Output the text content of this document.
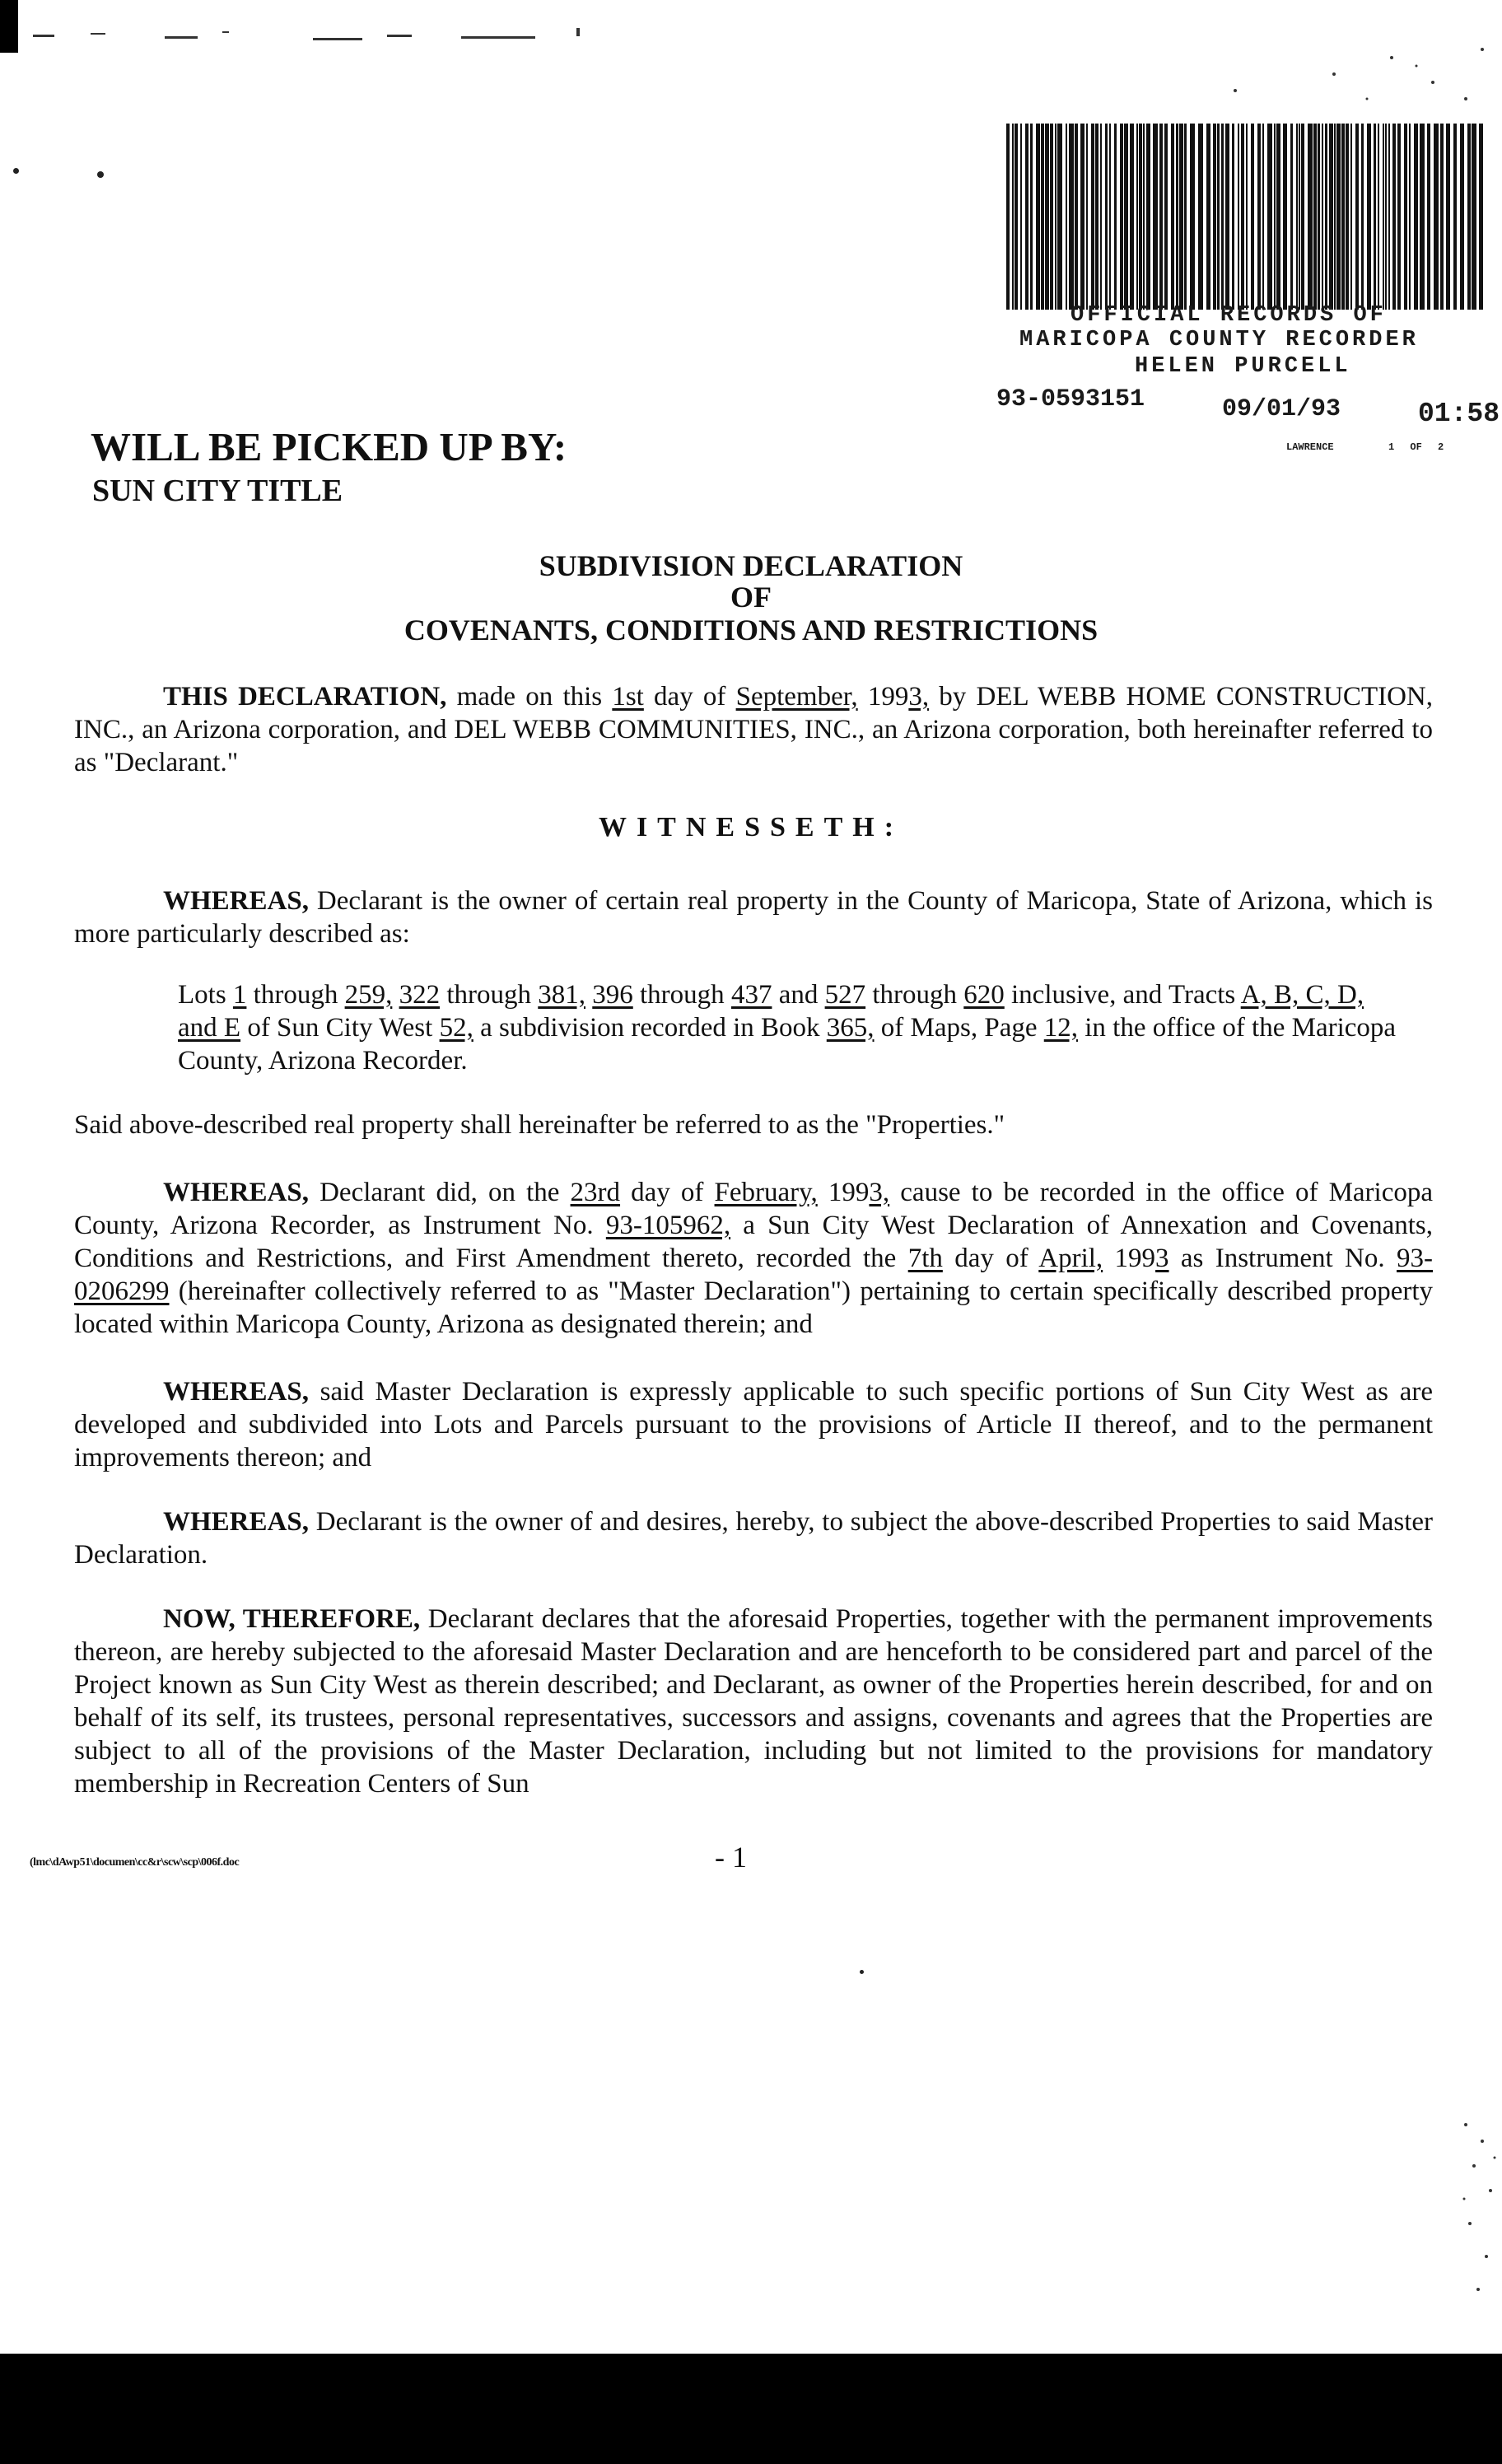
OFFICIAL RECORDS OF
MARICOPA COUNTY RECORDER
HELEN PURCELL
93-0593151	09/01/93	01:58
LAWRENCE	1 OF 2
WILL BE PICKED UP BY:
SUN CITY TITLE
SUBDIVISION DECLARATION
OF
COVENANTS, CONDITIONS AND RESTRICTIONS
THIS DECLARATION, made on this 1st day of September, 1993, by DEL WEBB HOME CONSTRUCTION, INC., an Arizona corporation, and DEL WEBB COMMUNITIES, INC., an Arizona corporation, both hereinafter referred to as "Declarant."
WITNESSETH:
WHEREAS, Declarant is the owner of certain real property in the County of Maricopa, State of Arizona, which is more particularly described as:
Lots 1 through 259, 322 through 381, 396 through 437 and 527 through 620 inclusive, and Tracts A, B, C, D, and E of Sun City West 52, a subdivision recorded in Book 365, of Maps, Page 12, in the office of the Maricopa County, Arizona Recorder.
Said above-described real property shall hereinafter be referred to as the "Properties."
WHEREAS, Declarant did, on the 23rd day of February, 1993, cause to be recorded in the office of Maricopa County, Arizona Recorder, as Instrument No. 93-105962, a Sun City West Declaration of Annexation and Covenants, Conditions and Restrictions, and First Amendment thereto, recorded the 7th day of April, 1993 as Instrument No. 93-0206299 (hereinafter collectively referred to as "Master Declaration") pertaining to certain specifically described property located within Maricopa County, Arizona as designated therein; and
WHEREAS, said Master Declaration is expressly applicable to such specific portions of Sun City West as are developed and subdivided into Lots and Parcels pursuant to the provisions of Article II thereof, and to the permanent improvements thereon; and
WHEREAS, Declarant is the owner of and desires, hereby, to subject the above-described Properties to said Master Declaration.
NOW, THEREFORE, Declarant declares that the aforesaid Properties, together with the permanent improvements thereon, are hereby subjected to the aforesaid Master Declaration and are henceforth to be considered part and parcel of the Project known as Sun City West as therein described; and Declarant, as owner of the Properties herein described, for and on behalf of its self, its trustees, personal representatives, successors and assigns, covenants and agrees that the Properties are subject to all of the provisions of the Master Declaration, including but not limited to the provisions for mandatory membership in Recreation Centers of Sun
(lmc\dAwp51\documen\cc&r\scw\scp\006f.doc	- 1
